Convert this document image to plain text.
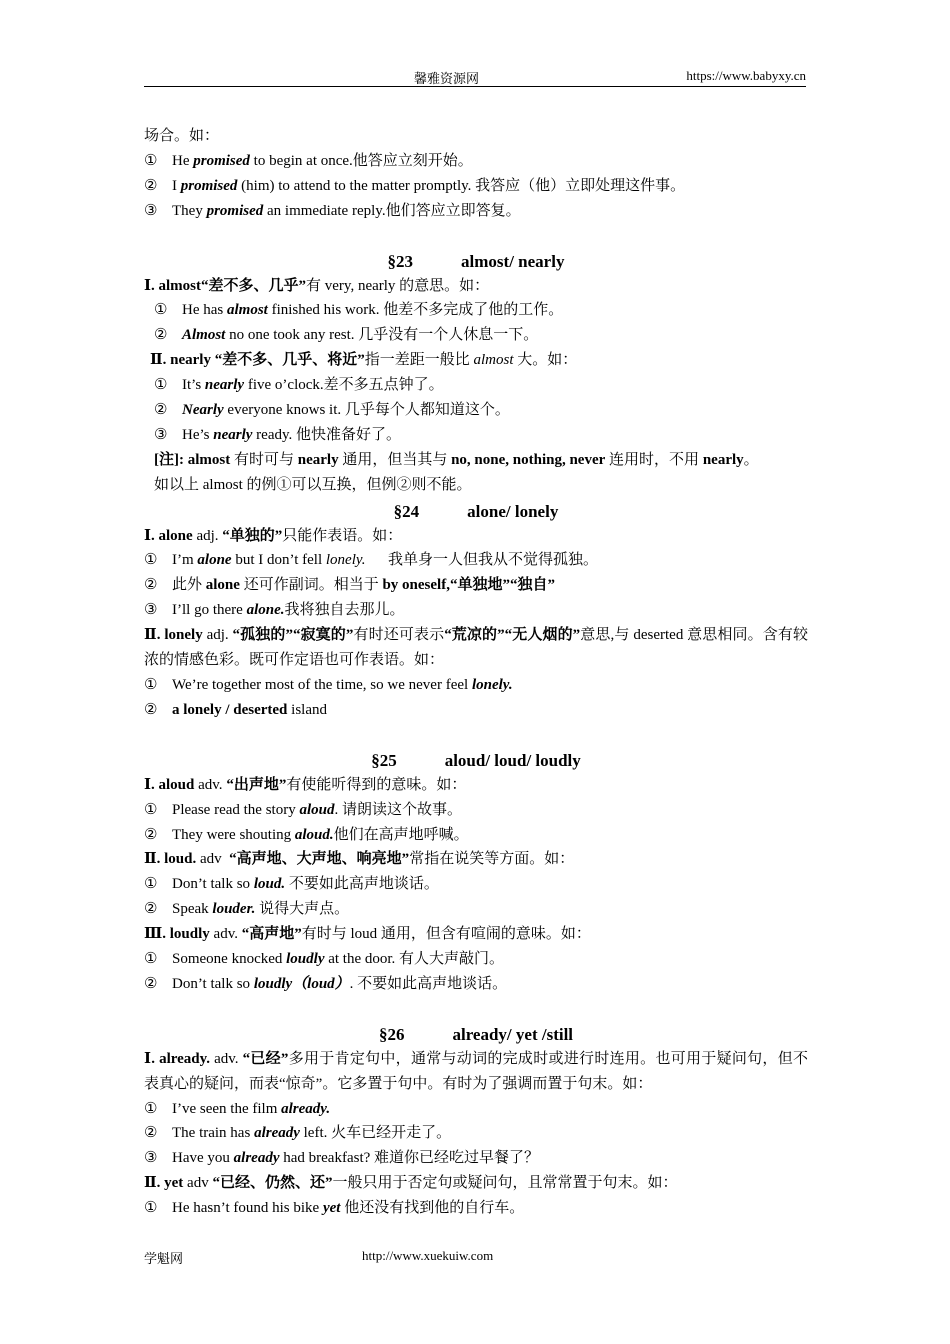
馨雅资源网	https://www.babyxy.cn
场合。如：
① He promised to begin at once.他答应立刻开始。
② I promised (him) to attend to the matter promptly. 我答应（他）立即处理这件事。
③ They promised an immediate reply.他们答应立即答复。
§23	almost/ nearly
Ⅰ. almost“差不多、几乎”有 very, nearly 的意思。如：
① He has almost finished his work. 他差不多完成了他的工作。
② Almost no one took any rest. 几乎没有一个人休息一下。
Ⅱ. nearly “差不多、几乎、将近”指一差距一般比 almost 大。如：
① It’s nearly five o’clock.差不多五点钟了。
② Nearly everyone knows it. 几乎每个人都知道这个。
③ He’s nearly ready. 他快准备好了。
[注]: almost 有时可与 nearly 通用，但当其与 no, none, nothing, never 连用时，不用 nearly。
如以上 almost 的例①可以互换，但例②则不能。
§24	alone/ lonely
Ⅰ. alone adj. “单独的”只能作表语。如：
① I’m alone but I don’t fell lonely.      我单身一人但我从不觉得孤独。
② 此外 alone 还可作副词。相当于 by oneself,“单独地”“独自”
③ I’ll go there alone.我将独自去那儿。
Ⅱ. lonely adj. “孤独的”“寂寞的”有时还可表示“荒凉的”“无人烟的”意思,与 deserted 意思相同。含有较浓的情感色彩。既可作定语也可作表语。如：
① We’re together most of the time, so we never feel lonely.
② a lonely / deserted island
§25	aloud/ loud/ loudly
Ⅰ. aloud adv. “出声地”有使能听得到的意味。如：
① Please read the story aloud. 请朗读这个故事。
② They were shouting aloud.他们在高声地呼喊。
Ⅱ. loud. adv  “高声地、大声地、响亮地”常指在说笑等方面。如：
① Don’t talk so loud. 不要如此高声地谈话。
② Speak louder. 说得大声点。
Ⅲ. loudly adv. “高声地”有时与 loud 通用，但含有喧闹的意味。如：
① Someone knocked loudly at the door. 有人大声敲门。
② Don’t talk so loudly（loud）. 不要如此高声地谈话。
§26	already/ yet /still
Ⅰ. already. adv. “已经”多用于肯定句中，通常与动词的完成时或进行时连用。也可用于疑问句，但不表真心的疑问，而表“惊奇”。它多置于句中。有时为了强调而置于句末。如：
① I’ve seen the film already.
② The train has already left. 火车已经开走了。
③ Have you already had breakfast? 难道你已经吃过早餐了？
Ⅱ. yet adv “已经、仍然、还”一般只用于否定句或疑问句，且常常置于句末。如：
① He hasn’t found his bike yet 他还没有找到他的自行车。
学魁网	http://www.xuekuiw.com
